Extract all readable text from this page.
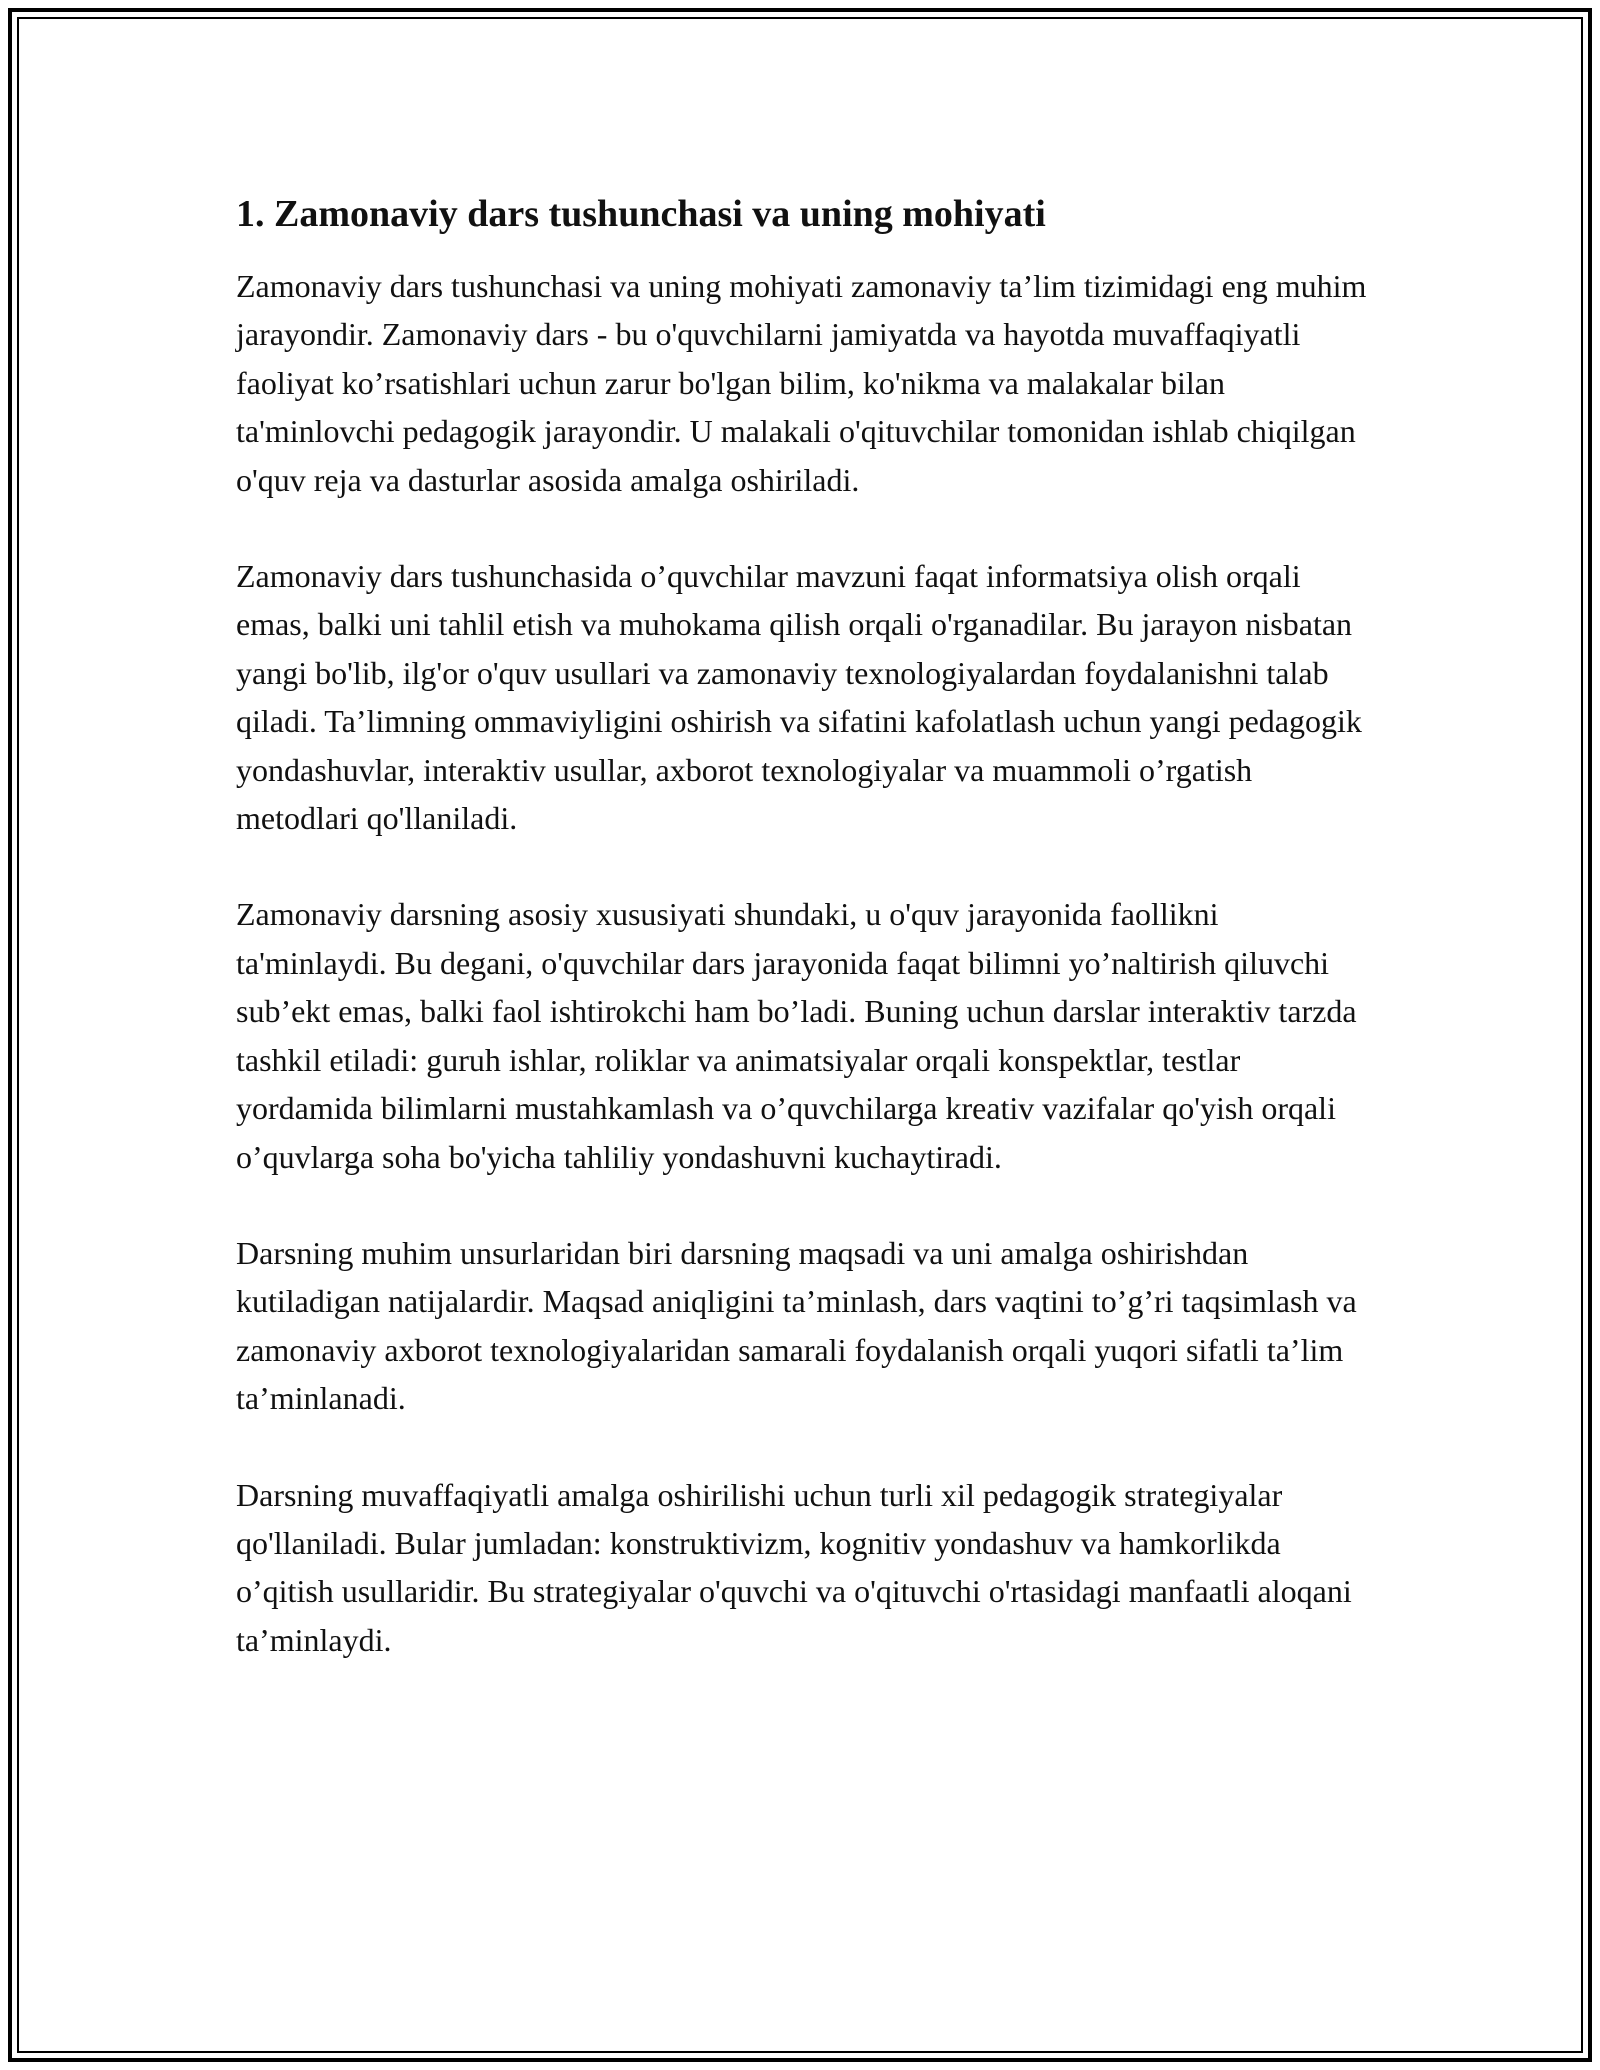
1. Zamonaviy dars tushunchasi va uning mohiyati

Zamonaviy dars tushunchasi va uning mohiyati zamonaviy ta’lim tizimidagi eng muhim jarayondir. Zamonaviy dars - bu o'quvchilarni jamiyatda va hayotda muvaffaqiyatli faoliyat ko’rsatishlari uchun zarur bo'lgan bilim, ko'nikma va malakalar bilan ta'minlovchi pedagogik jarayondir. U malakali o'qituvchilar tomonidan ishlab chiqilgan o'quv reja va dasturlar asosida amalga oshiriladi.

Zamonaviy dars tushunchasida o’quvchilar mavzuni faqat informatsiya olish orqali emas, balki uni tahlil etish va muhokama qilish orqali o'rganadilar. Bu jarayon nisbatan yangi bo'lib, ilg'or o'quv usullari va zamonaviy texnologiyalardan foydalanishni talab qiladi. Ta’limning ommaviyligini oshirish va sifatini kafolatlash uchun yangi pedagogik yondashuvlar, interaktiv usullar, axborot texnologiyalar va muammoli o’rgatish metodlari qo'llaniladi.

Zamonaviy darsning asosiy xususiyati shundaki, u o'quv jarayonida faollikni ta'minlaydi. Bu degani, o'quvchilar dars jarayonida faqat bilimni yo’naltirish qiluvchi sub’ekt emas, balki faol ishtirokchi ham bo’ladi. Buning uchun darslar interaktiv tarzda tashkil etiladi: guruh ishlar, roliklar va animatsiyalar orqali konspektlar, testlar yordamida bilimlarni mustahkamlash va o’quvchilarga kreativ vazifalar qo'yish orqali o’quvlarga soha bo'yicha tahliliy yondashuvni kuchaytiradi.

Darsning muhim unsurlaridan biri darsning maqsadi va uni amalga oshirishdan kutiladigan natijalardir. Maqsad aniqligini ta’minlash, dars vaqtini to’g’ri taqsimlash va zamonaviy axborot texnologiyalaridan samarali foydalanish orqali yuqori sifatli ta’lim ta’minlanadi.

Darsning muvaffaqiyatli amalga oshirilishi uchun turli xil pedagogik strategiyalar qo'llaniladi. Bular jumladan: konstruktivizm, kognitiv yondashuv va hamkorlikda o’qitish usullaridir. Bu strategiyalar o'quvchi va o'qituvchi o'rtasidagi manfaatli aloqani ta’minlaydi.
